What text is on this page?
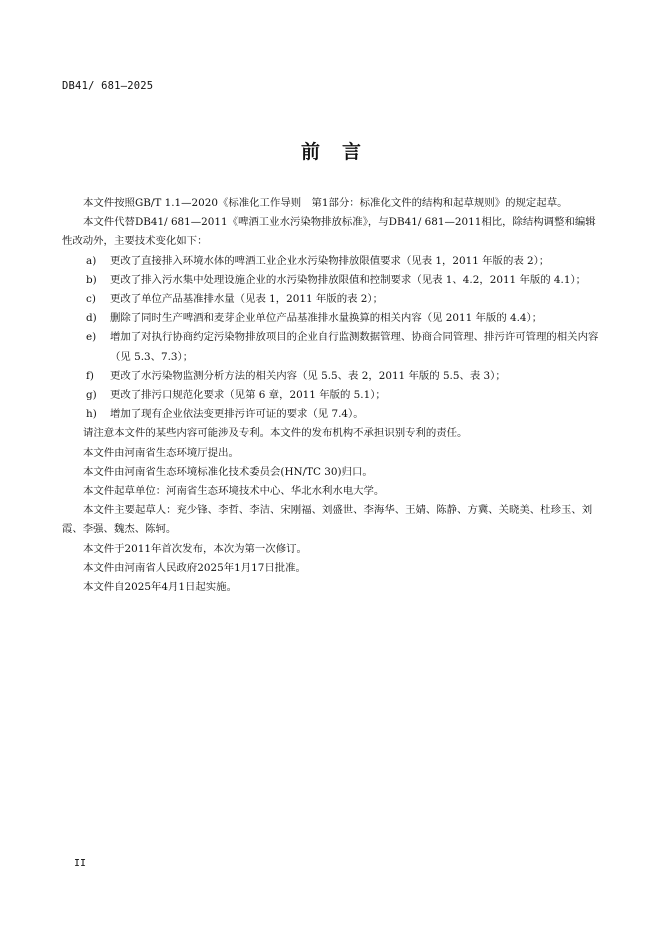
DB41/ 681—2025
前言

本文件按照GB/T 1.1—2020《标准化工作导则　第1部分：标准化文件的结构和起草规则》的规定起草。

本文件代替DB41/ 681—2011《啤酒工业水污染物排放标准》，与DB41/ 681—2011相比，除结构调整和编辑性改动外，主要技术变化如下：

a)	更改了直接排入环境水体的啤酒工业企业水污染物排放限值要求（见表 1，2011 年版的表 2）；
b)	更改了排入污水集中处理设施企业的水污染物排放限值和控制要求（见表 1、4.2，2011 年版的 4.1）；
c)	更改了单位产品基准排水量（见表 1，2011 年版的表 2）；
d)	删除了同时生产啤酒和麦芽企业单位产品基准排水量换算的相关内容（见 2011 年版的 4.4）；
e)	增加了对执行协商约定污染物排放项目的企业自行监测数据管理、协商合同管理、排污许可管理的相关内容（见 5.3、7.3）；
f)	更改了水污染物监测分析方法的相关内容（见 5.5、表 2，2011 年版的 5.5、表 3）；
g)	更改了排污口规范化要求（见第 6 章，2011 年版的 5.1）；
h)	增加了现有企业依法变更排污许可证的要求（见 7.4）。

请注意本文件的某些内容可能涉及专利。本文件的发布机构不承担识别专利的责任。

本文件由河南省生态环境厅提出。

本文件由河南省生态环境标准化技术委员会(HN/TC 30)归口。

本文件起草单位：河南省生态环境技术中心、华北水利水电大学。

本文件主要起草人：兖少锋、李哲、李洁、宋刚福、刘盛世、李海华、王婧、陈静、方冀、关晓美、杜珍玉、刘霞、李强、魏杰、陈轲。

本文件于2011年首次发布，本次为第一次修订。

本文件由河南省人民政府2025年1月17日批准。

本文件自2025年4月1日起实施。

II
